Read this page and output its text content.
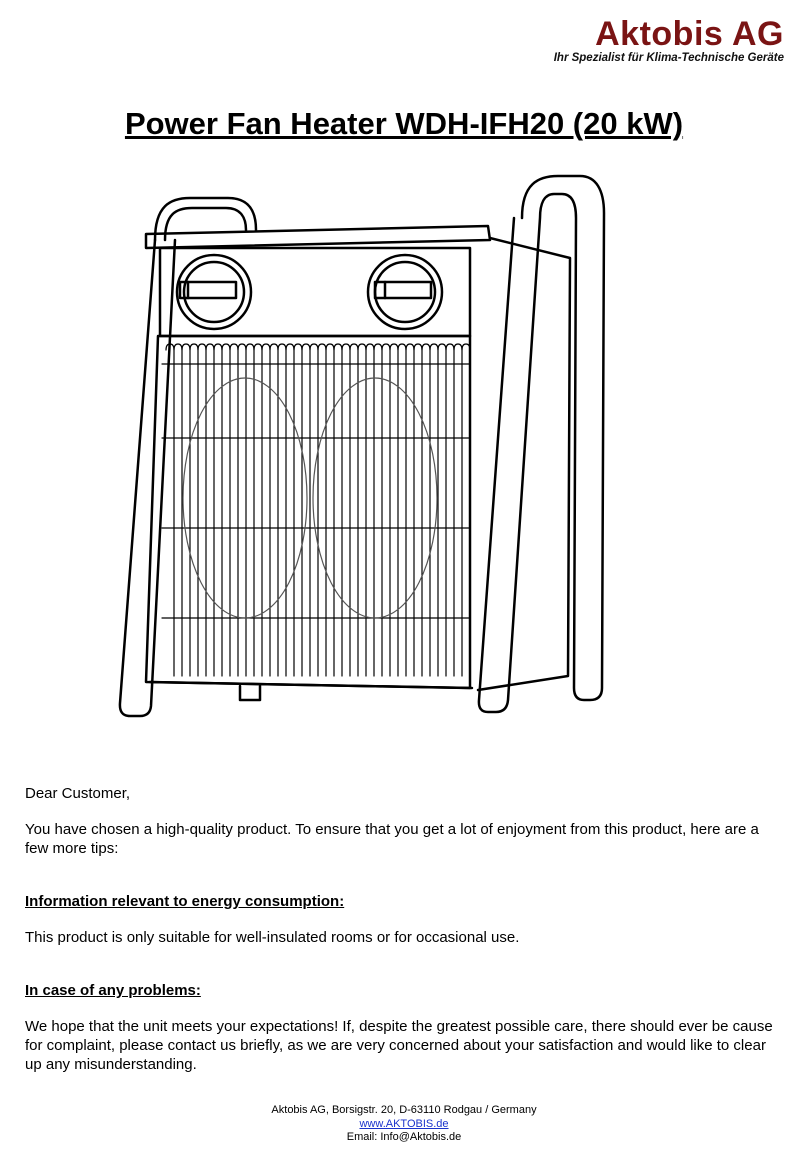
Aktobis AG
Ihr Spezialist für Klima-Technische Geräte
Power Fan Heater WDH-IFH20 (20 kW)

Dear Customer,

You have chosen a high-quality product. To ensure that you get a lot of enjoyment from this product, here are a few more tips:

Information relevant to energy consumption:

This product is only suitable for well-insulated rooms or for occasional use.

In case of any problems:

We hope that the unit meets your expectations! If, despite the greatest possible care, there should ever be cause for complaint, please contact us briefly, as we are very concerned about your satisfaction and would like to clear up any misunderstanding.

Aktobis AG, Borsigstr. 20, D-63110 Rodgau / Germany
www.AKTOBIS.de
Email: Info@Aktobis.de
